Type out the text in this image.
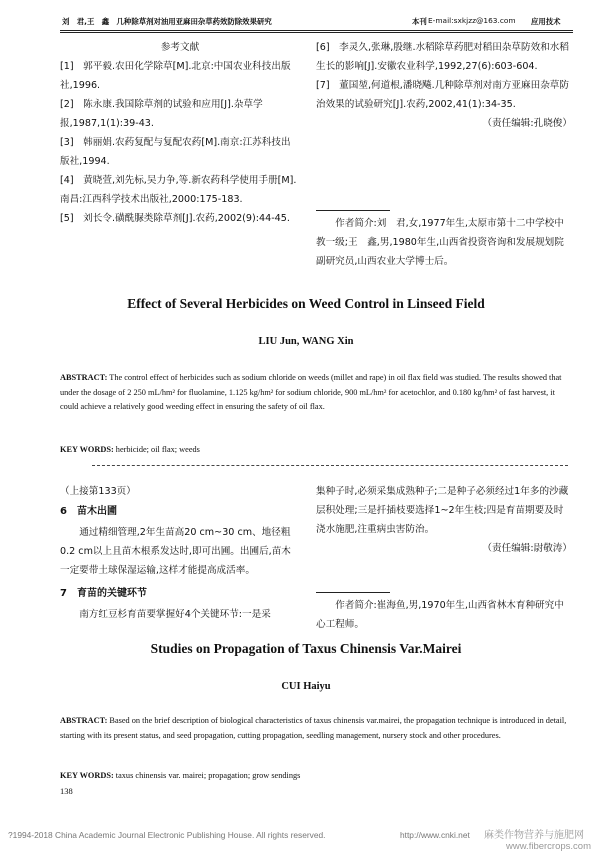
刘　君,王　鑫　几种除草剂对油用亚麻田杂草药效防除效果研究	本刊 E-mail:sxkjzz@163.com 应用技术
参考文献
[1]　郭平毅.农田化学除草[M].北京:中国农业科技出版社,1996.
[2]　陈永康.我国除草剂的试验和应用[J].杂草学报,1987,1(1):39-43.
[3]　韩丽娟.农药复配与复配农药[M].南京:江苏科技出版社,1994.
[4]　黄晓萱,刘先标,吴力争,等.新农药科学使用手册[M].南昌:江西科学技术出版社,2000:175-183.
[5]　刘长令.磺酰脲类除草剂[J].农药,2002(9):44-45.
[6]　李灵久,张琳,殷继.水稻除草药肥对稻田杂草防效和水稻生长的影响[J].安徽农业科学,1992,27(6):603-604.
[7]　董国堃,何道根,潘晓飚.几种除草剂对南方亚麻田杂草防治效果的试验研究[J].农药,2002,41(1):34-35.
（责任编辑:孔晓俊）
作者简介:刘　君,女,1977年生,太原市第十二中学校中教一级;王　鑫,男,1980年生,山西省投资咨询和发展规划院副研究员,山西农业大学博士后。
Effect of Several Herbicides on Weed Control in Linseed Field
LIU Jun, WANG Xin
ABSTRACT: The control effect of herbicides such as sodium chloride on weeds (millet and rape) in oil flax field was studied. The results showed that under the dosage of 2 250 mL/hm² for fluolamine, 1.125 kg/hm² for sodium chloride, 900 mL/hm² for acetochlor, and 0.180 kg/hm² of fast harvest, it could achieve a relatively good weeding effect in ensuring the safety of oil flax.
KEY WORDS: herbicide; oil flax; weeds
（上接第133页）
6　苗木出圃
通过精细管理,2年生苗高20 cm~30 cm、地径粗0.2 cm以上且苗木根系发达时,即可出圃。出圃后,苗木一定要带土球保湿运输,这样才能提高成活率。
7　育苗的关键环节
南方红豆杉育苗要掌握好4个关键环节:一是采
集种子时,必须采集成熟种子;二是种子必须经过1年多的沙藏层积处理;三是扦插枝要选择1~2年生枝;四是育苗期要及时浇水施肥,注重病虫害防治。
（责任编辑:尉敬涛）
作者简介:崔海鱼,男,1970年生,山西省林木育种研究中心工程师。
Studies on Propagation of Taxus Chinensis Var.Mairei
CUI Haiyu
ABSTRACT: Based on the brief description of biological characteristics of taxus chinensis var.mairei, the propagation technique is introduced in detail, starting with its present status, and seed propagation, cutting propagation, seedling management, nursery stock and other procedures.
KEY WORDS: taxus chinensis var. mairei; propagation; grow sendings
138
?1994-2018 China Academic Journal Electronic Publishing House. All rights reserved.	http://www.cnki.net 麻类作物营养与施肥网
www.fibercrops.com
